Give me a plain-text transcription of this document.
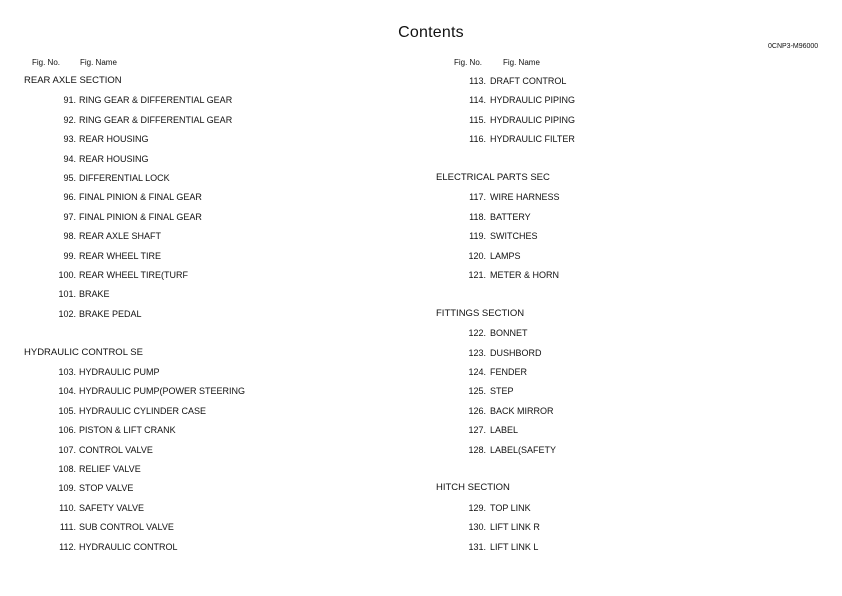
Contents
0CNP3-M96000
Fig. No. Fig. Name
REAR AXLE SECTION
91. RING GEAR & DIFFERENTIAL GEAR
92. RING GEAR & DIFFERENTIAL GEAR
93. REAR HOUSING
94. REAR HOUSING
95. DIFFERENTIAL LOCK
96. FINAL PINION & FINAL GEAR
97. FINAL PINION & FINAL GEAR
98. REAR AXLE SHAFT
99. REAR WHEEL TIRE
100. REAR WHEEL TIRE(TURF
101. BRAKE
102. BRAKE PEDAL
HYDRAULIC CONTROL SE
103. HYDRAULIC PUMP
104. HYDRAULIC PUMP(POWER STEERING
105. HYDRAULIC CYLINDER CASE
106. PISTON & LIFT CRANK
107. CONTROL VALVE
108. RELIEF VALVE
109. STOP VALVE
110. SAFETY VALVE
111. SUB CONTROL VALVE
112. HYDRAULIC CONTROL
Fig. No.	Fig. Name
113. DRAFT CONTROL
114. HYDRAULIC PIPING
115. HYDRAULIC PIPING
116. HYDRAULIC FILTER
ELECTRICAL PARTS SEC
117. WIRE HARNESS
118. BATTERY
119. SWITCHES
120. LAMPS
121. METER & HORN
FITTINGS SECTION
122. BONNET
123. DUSHBORD
124. FENDER
125. STEP
126. BACK MIRROR
127. LABEL
128. LABEL(SAFETY
HITCH SECTION
129. TOP LINK
130. LIFT LINK R
131. LIFT LINK L
